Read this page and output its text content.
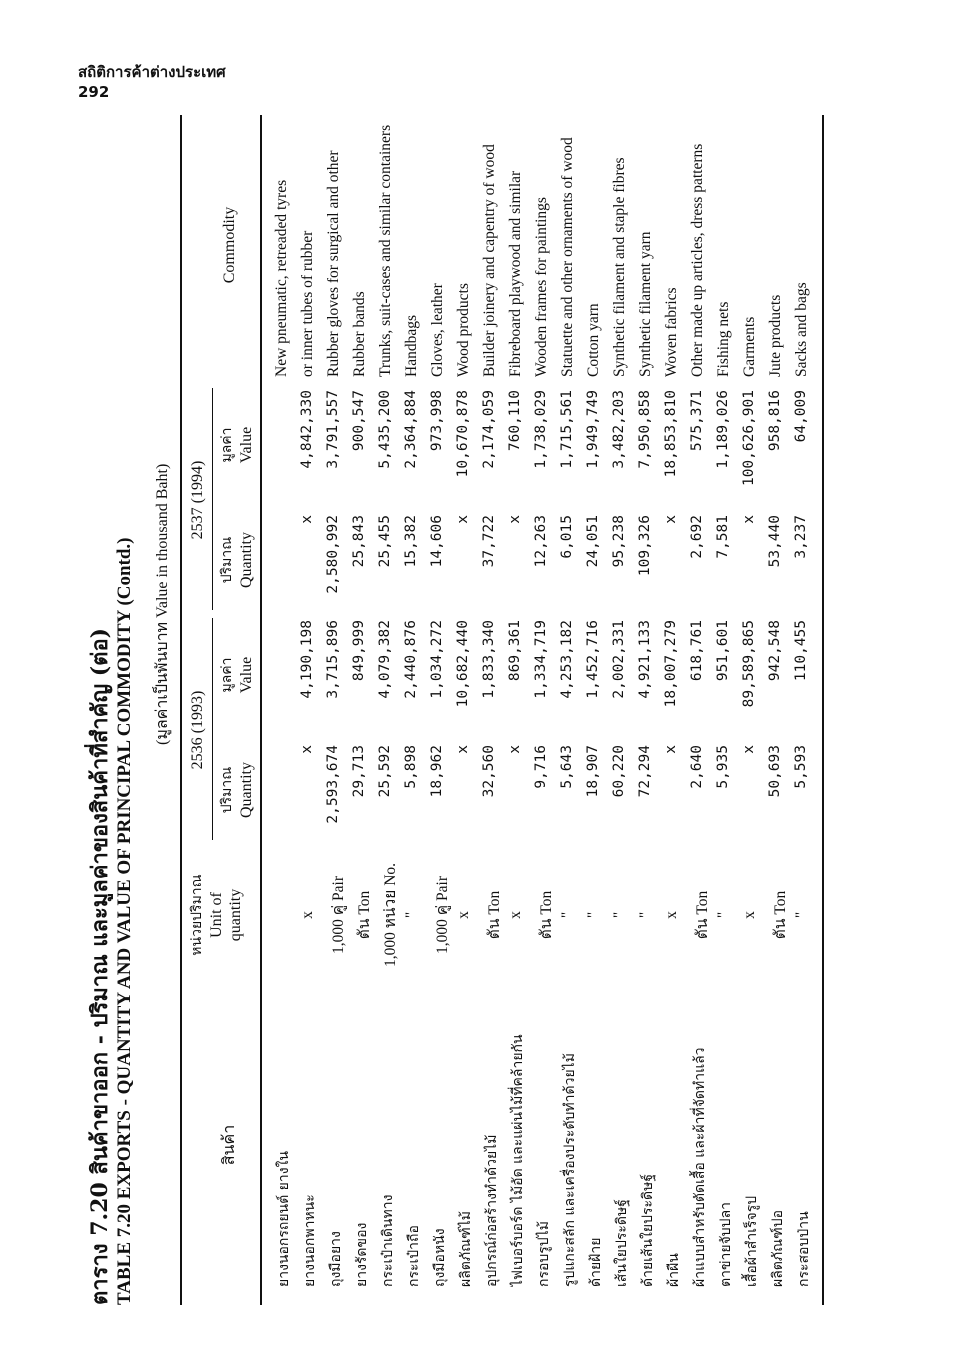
สถิติการค้าต่างประเทศ
292
ตาราง 7.20 สินค้าขาออก - ปริมาณ และมูลค่าของสินค้าที่สำคัญ (ต่อ) TABLE 7.20 EXPORTS - QUANTITY AND VALUE OF PRINCIPAL COMMODITY (Contd.) (มูลค่าเป็นพันบาท Value in thousand Baht)
สินค้า
หน่วยปริมาณ Unit of quantity
2536 (1993)
ปริมาณ Quantity
มูลค่า Value
2537 (1994)
ปริมาณ Quantity
มูลค่า Value
Commodity
ยางนอกรถยนต์ ยางใน
New pneumatic, retreaded tyres
ยางนอกพาหนะ
x
x
4,190,198
x
4,842,330
or inner tubes of rubber
ถุงมือยาง
1,000 คู่ Pair
2,593,674
3,715,896
2,580,992
3,791,557
Rubber gloves for surgical and other
ยางรัดของ
ตัน Ton
29,713
849,999
25,843
900,547
Rubber bands
กระเป๋าเดินทาง
1,000 หน่วย No.
25,592
4,079,382
25,455
5,435,200
Trunks, suit-cases and similar containers
กระเป๋าถือ
"
5,898
2,440,876
15,382
2,364,884
Handbags
ถุงมือหนัง
1,000 คู่ Pair
18,962
1,034,272
14,606
973,998
Gloves, leather
ผลิตภัณฑ์ไม้
x
x
10,682,440
x
10,670,878
Wood products
อุปกรณ์ก่อสร้างทำด้วยไม้
ตัน Ton
32,560
1,833,340
37,722
2,174,059
Builder joinery and capentry of wood
ไฟเบอร์บอร์ด ไม้อัด และแผ่นไม้ที่คล้ายกัน
x
x
869,361
x
760,110
Fibreboard playwood and similar
กรอบรูปไม้
ตัน Ton
9,716
1,334,719
12,263
1,738,029
Wooden frames for paintings
รูปแกะสลัก และเครื่องประดับทำด้วยไม้
"
5,643
4,253,182
6,015
1,715,561
Statuette and other ornaments of wood
ด้ายฝ้าย
"
18,907
1,452,716
24,051
1,949,749
Cotton yarn
เส้นใยประดิษฐ์
"
60,220
2,002,331
95,238
3,482,203
Synthetic filament and staple fibres
ด้ายเส้นใยประดิษฐ์
"
72,294
4,921,133
109,326
7,950,858
Synthetic filament yarn
ผ้าผืน
x
x
18,007,279
x
18,853,810
Woven fabrics
ผ้าแบบสำหรับตัดเสื้อ และผ้าที่จัดทำแล้ว
ตัน Ton
2,640
618,761
2,692
575,371
Other made up articles, dress patterns
ตาข่ายจับปลา
"
5,935
951,601
7,581
1,189,026
Fishing nets
เสื้อผ้าสำเร็จรูป
x
x
89,589,865
x
100,626,901
Garments
ผลิตภัณฑ์ปอ
ตัน Ton
50,693
942,548
53,440
958,816
Jute products
กระสอบป่าน
"
5,593
110,455
3,237
64,009
Sacks and bags
